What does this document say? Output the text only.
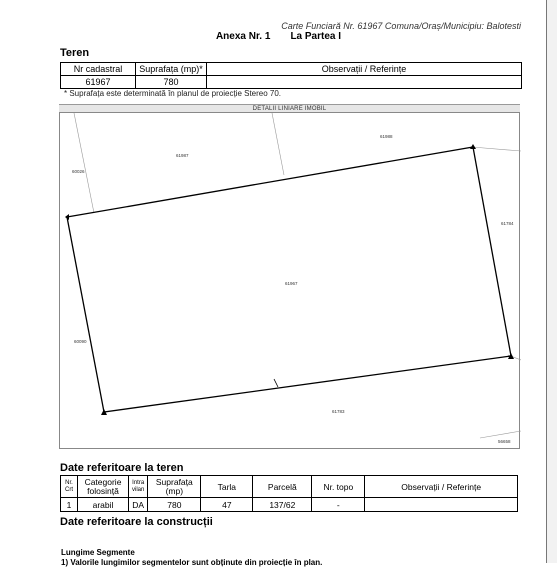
Carte Funciară Nr. 61967 Comuna/Oraș/Municipiu: Balotesti
Anexa Nr. 1 La Partea I
Teren
Nr cadastral	Suprafața (mp)*	Observații / Referințe
61967	780	
* Suprafața este determinată în planul de proiecție Stereo 70.
DETALII LINIARE IMOBIL
61987
61988
60026
60090
61784
61783
56658
61967
Date referitoare la teren
Nr. Crt	Categorie folosință	Intra vilan	Suprafața (mp)	Tarla	Parcelă	Nr. topo	Observații / Referințe
1	arabil	DA	780	47	137/62	-	
Date referitoare la construcții
Lungime Segmente
1) Valorile lungimilor segmentelor sunt obținute din proiecție în plan.
